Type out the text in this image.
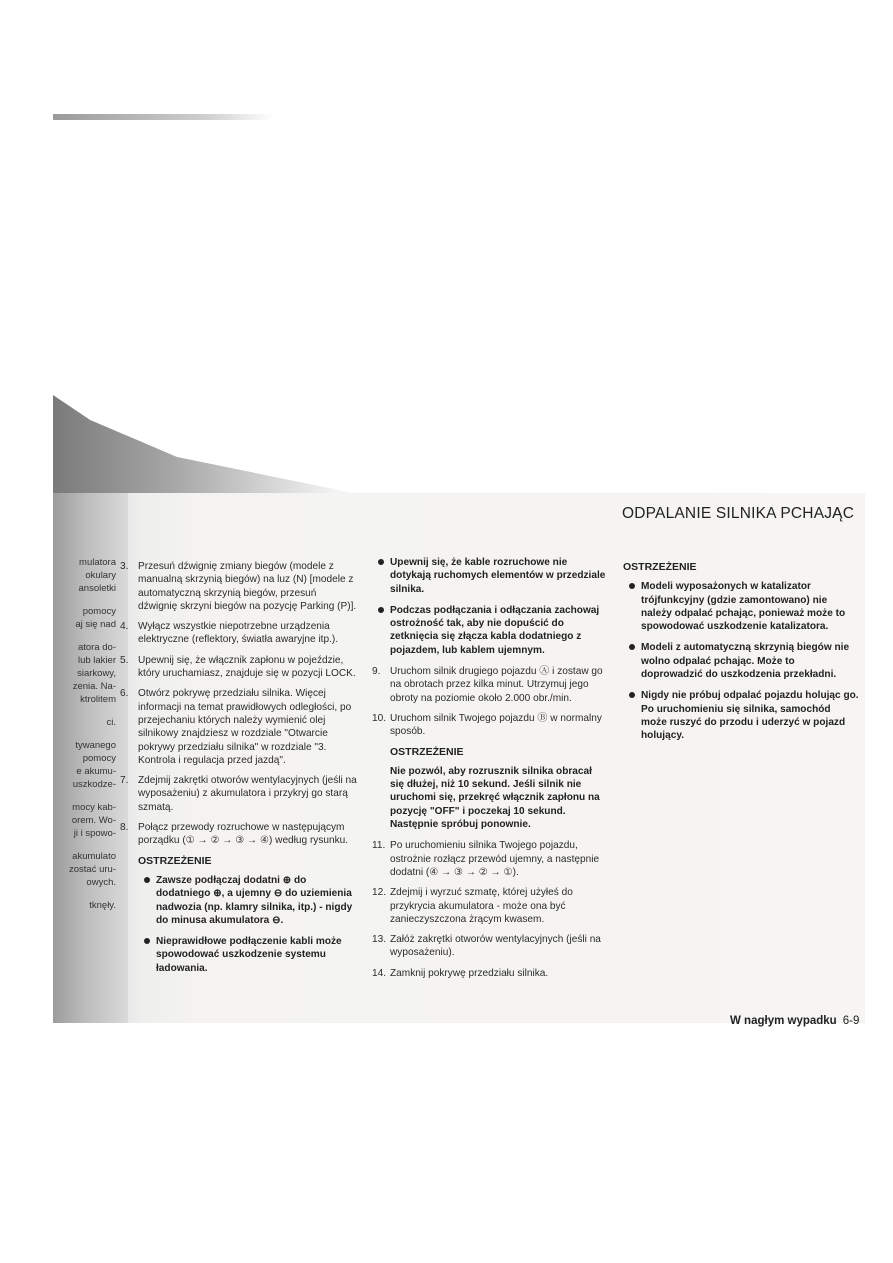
mulatora
okulary
ansoletki
pomocy
aj się nad
atora do-
lub lakier
siarkowy,
zenia. Na-
ktrolitem
ci.
tywanego
pomocy
e akumu-
uszkodze-
mocy kab-
orem. Wo-
ji i spowo-
akumulato
zostać uru-
owych.
tknęły.
ODPALANIE SILNIKA PCHAJĄC
3. Przesuń dźwignię zmiany biegów (modele z manualną skrzynią biegów) na luz (N) [modele z automatyczną skrzynią biegów, przesuń dźwignię skrzyni biegów na pozycję Parking (P)].
4. Wyłącz wszystkie niepotrzebne urządzenia elektryczne (reflektory, światła awaryjne itp.).
5. Upewnij się, że włącznik zapłonu w pojeździe, który uruchamiasz, znajduje się w pozycji LOCK.
6. Otwórz pokrywę przedziału silnika. Więcej informacji na temat prawidłowych odległości, po przejechaniu których należy wymienić olej silnikowy znajdziesz w rozdziale "Otwarcie pokrywy przedziału silnika" w rozdziale "3. Kontrola i regulacja przed jazdą".
7. Zdejmij zakrętki otworów wentylacyjnych (jeśli na wyposażeniu) z akumulatora i przykryj go starą szmatą.
8. Połącz przewody rozruchowe w następującym porządku (① → ② → ③ → ④) według rysunku.
OSTRZEŻENIE
Zawsze podłączaj dodatni ⊕ do dodatniego ⊕, a ujemny ⊖ do uziemienia nadwozia (np. klamry silnika, itp.) - nigdy do minusa akumulatora ⊖.
Nieprawidłowe podłączenie kabli może spowodować uszkodzenie systemu ładowania.
Upewnij się, że kable rozruchowe nie dotykają ruchomych elementów w przedziale silnika.
Podczas podłączania i odłączania zachowaj ostrożność tak, aby nie dopuścić do zetknięcia się złącza kabla dodatniego z pojazdem, lub kablem ujemnym.
9. Uruchom silnik drugiego pojazdu Ⓐ i zostaw go na obrotach przez kilka minut. Utrzymuj jego obroty na poziomie około 2.000 obr./min.
10. Uruchom silnik Twojego pojazdu Ⓑ w normalny sposób.
OSTRZEŻENIE
Nie pozwól, aby rozrusznik silnika obracał się dłużej, niż 10 sekund. Jeśli silnik nie uruchomi się, przekręć włącznik zapłonu na pozycję "OFF" i poczekaj 10 sekund. Następnie spróbuj ponownie.
11. Po uruchomieniu silnika Twojego pojazdu, ostrożnie rozłącz przewód ujemny, a następnie dodatni (④ → ③ → ② → ①).
12. Zdejmij i wyrzuć szmatę, której użyłeś do przykrycia akumulatora - może ona być zanieczyszczona żrącym kwasem.
13. Załóż zakrętki otworów wentylacyjnych (jeśli na wyposażeniu).
14. Zamknij pokrywę przedziału silnika.
OSTRZEŻENIE
Modeli wyposażonych w katalizator trójfunkcyjny (gdzie zamontowano) nie należy odpalać pchając, ponieważ może to spowodować uszkodzenie katalizatora.
Modeli z automatyczną skrzynią biegów nie wolno odpalać pchając. Może to doprowadzić do uszkodzenia przekładni.
Nigdy nie próbuj odpalać pojazdu holując go. Po uruchomieniu się silnika, samochód może ruszyć do przodu i uderzyć w pojazd holujący.
W nagłym wypadku 6-9
